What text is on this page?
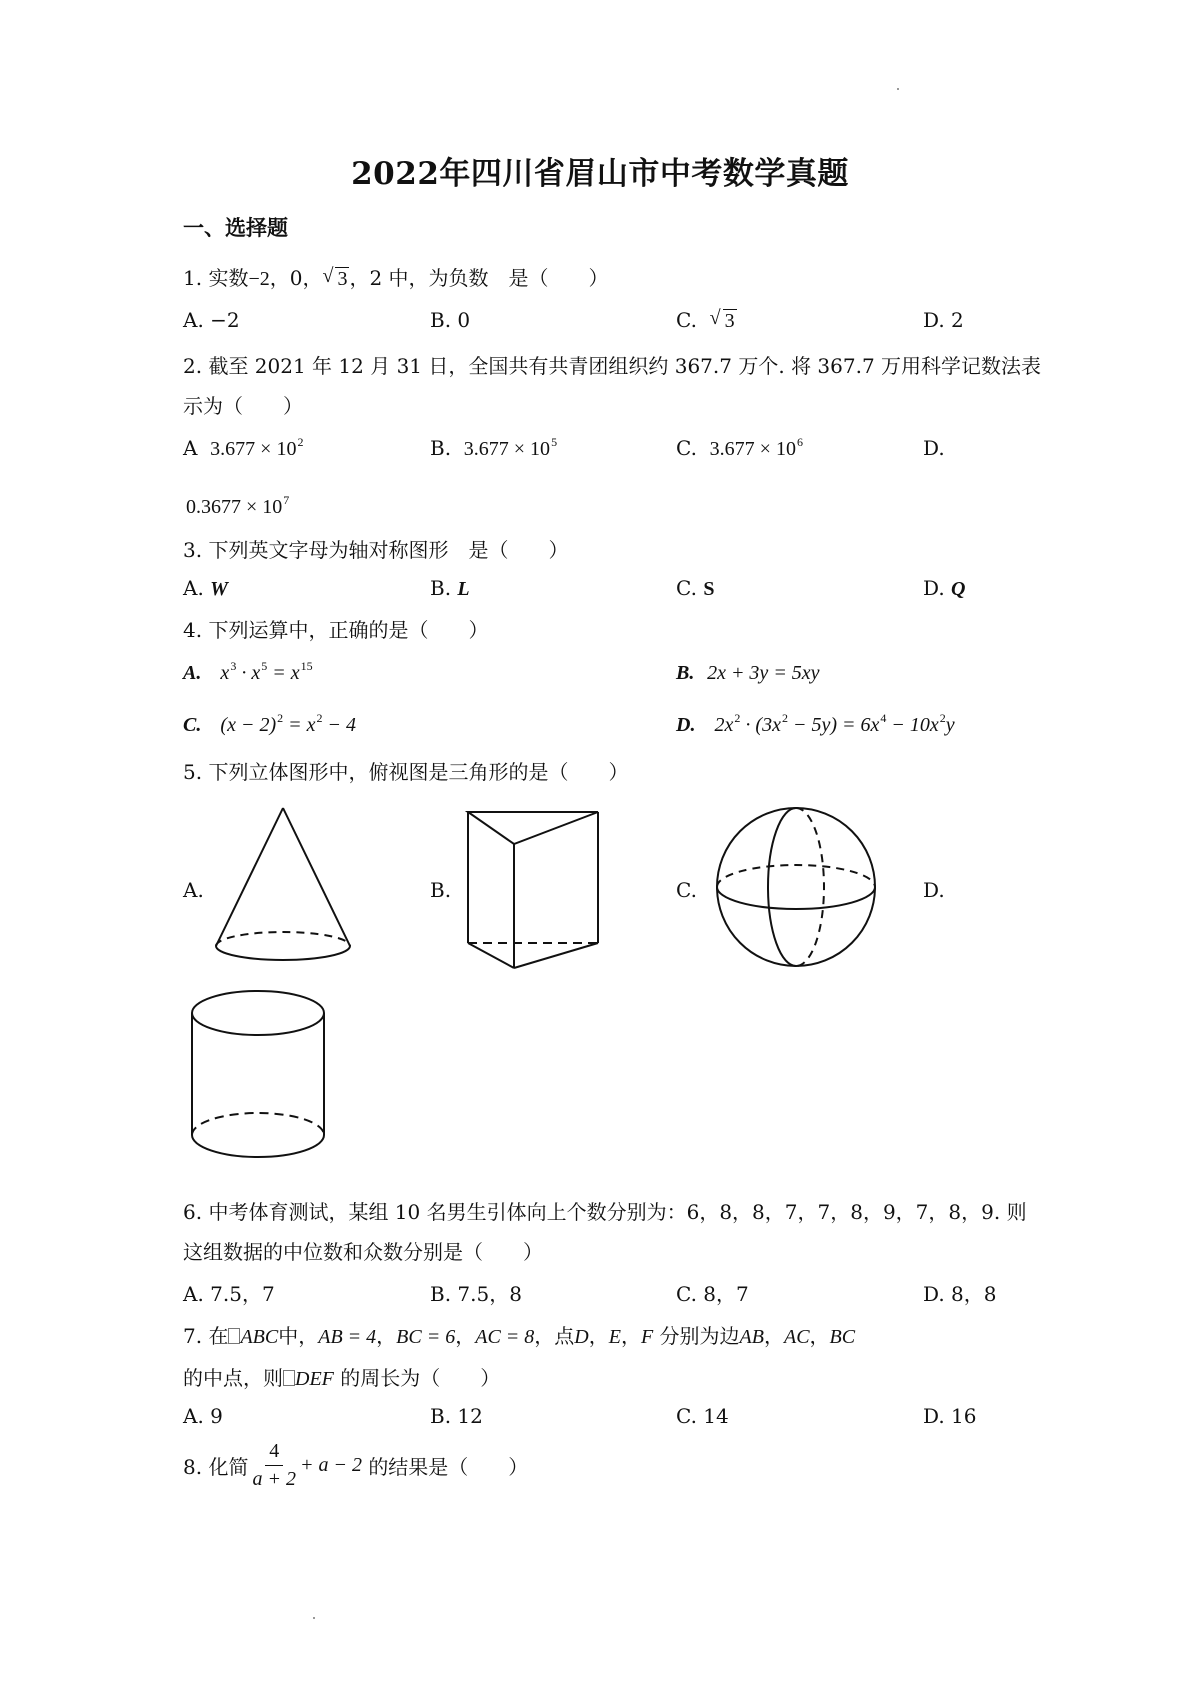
2022年四川省眉山市中考数学真题
一、选择题
1. 实数−2，0， √ 3 ，2 中，为负数　是（　　）
A. −2	B. 0	C. √ 3	D. 2
2. 截至 2021 年 12 月 31 日，全国共有共青团组织约 367.7 万个. 将 367.7 万用科学记数法表
示为（　　）
A $3.677 \times 10^2$	B. $3.677 \times 10^5$	C. $3.677 \times 10^6$	D.
$0.3677 \times 10^7$
3. 下列英文字母为轴对称图形　是（　　）
A. W	B. L	C. S	D. Q
4. 下列运算中，正确的是（　　）
A. $x^3 \cdot x^5 = x^{15}$	B. 2x + 3y = 5xy
C. $(x - 2)^2 = x^2 - 4$	D. $2x^2 \cdot (3x^2 - 5y) = 6x^4 - 10x^2y$
5. 下列立体图形中，俯视图是三角形的是（　　）
A.	B.	C.	D.
6. 中考体育测试，某组 10 名男生引体向上个数分别为：6，8，8，7，7，8，9，7，8，9. 则
这组数据的中位数和众数分别是（　　）
A. 7.5，7	B. 7.5，8	C. 8，7	D. 8，8
7. 在 ABC中，AB = 4，BC = 6，AC = 8，点D，E，F 分别为边AB，AC，BC
的中点，则 DEF 的周长为（　　）
A. 9	B. 12	C. 14	D. 16
8. 化简 $\frac{4}{a + 2} + a - 2$
的结果是（　　）
